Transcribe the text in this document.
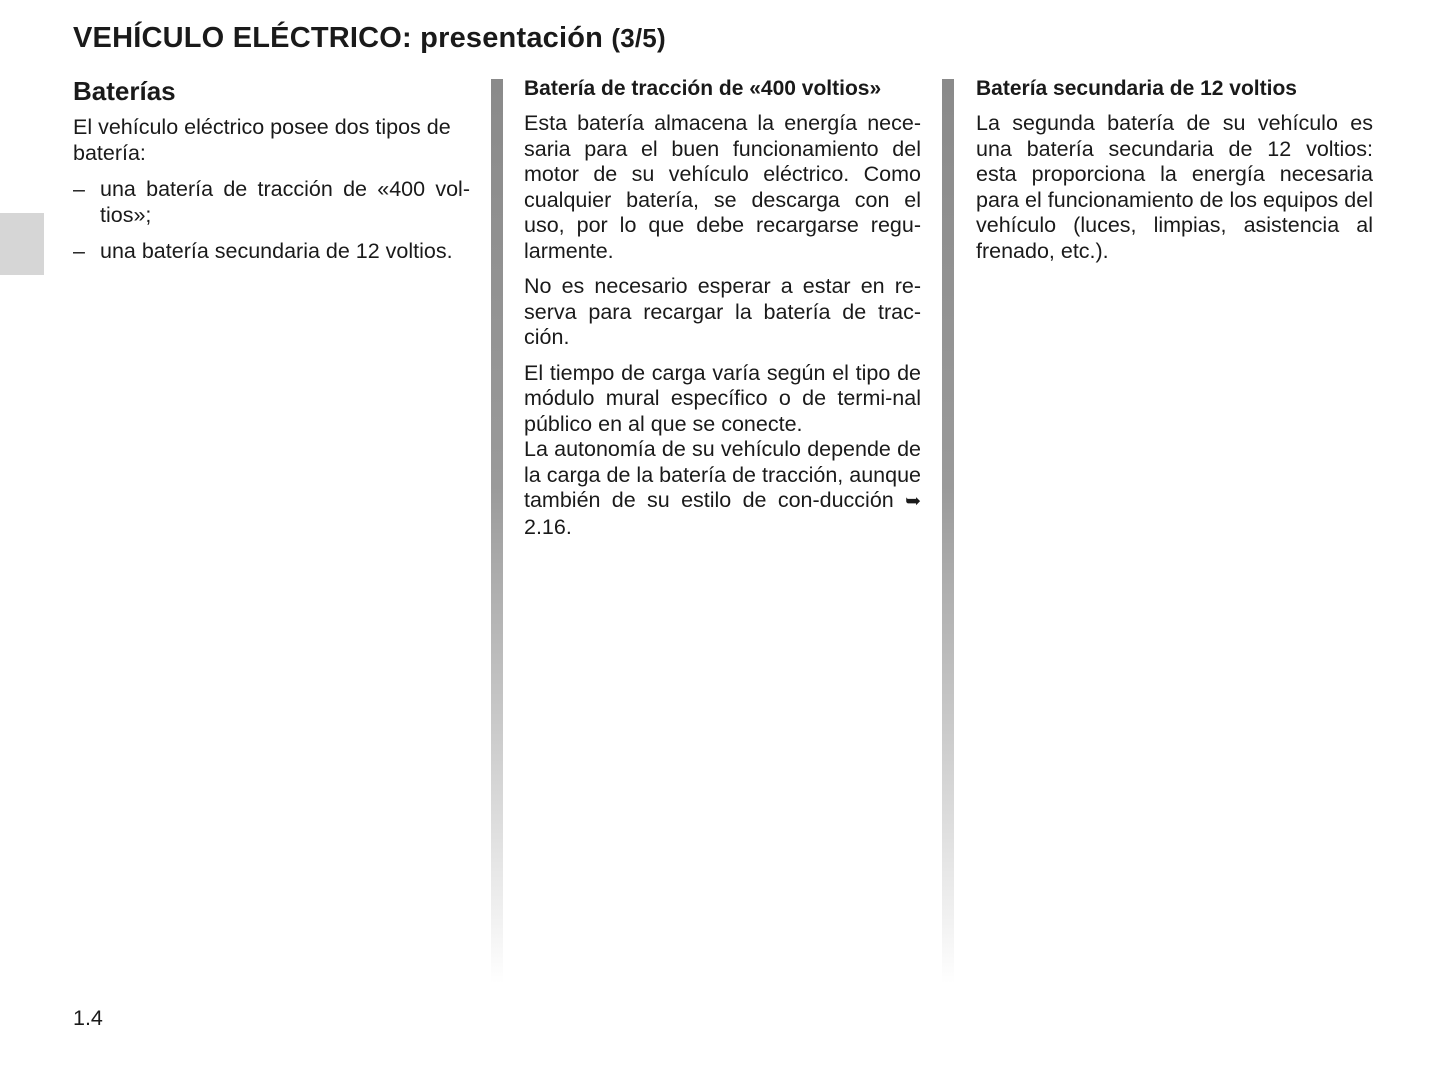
VEHÍCULO ELÉCTRICO: presentación (3/5)
Baterías

El vehículo eléctrico posee dos tipos de batería:

– una batería de tracción de «400 vol-tios»;
– una batería secundaria de 12 voltios.
Batería de tracción de «400 voltios»

Esta batería almacena la energía nece-saria para el buen funcionamiento del motor de su vehículo eléctrico. Como cualquier batería, se descarga con el uso, por lo que debe recargarse regu-larmente.

No es necesario esperar a estar en re-serva para recargar la batería de trac-ción.

El tiempo de carga varía según el tipo de módulo mural específico o de termi-nal público en al que se conecte.

La autonomía de su vehículo depende de la carga de la batería de tracción, aunque también de su estilo de con-ducción ➥ 2.16.

Batería secundaria de 12 voltios

La segunda batería de su vehículo es una batería secundaria de 12 voltios: esta proporciona la energía necesaria para el funcionamiento de los equipos del vehículo (luces, limpias, asistencia al frenado, etc.).

1.4
